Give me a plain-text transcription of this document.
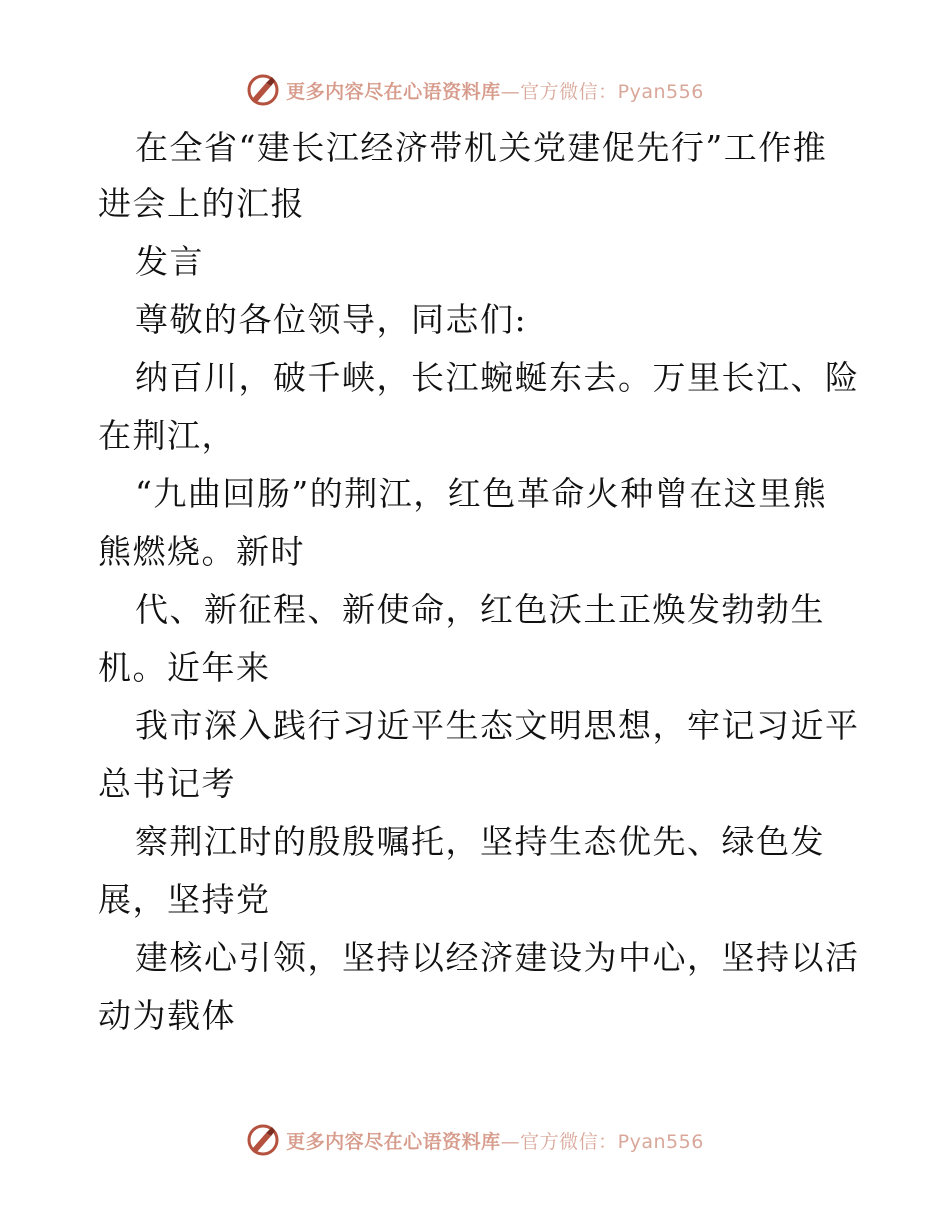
更多内容尽在心语资料库—官方微信：Pyan556
在全省“建长江经济带机关党建促先行”工作推
进会上的汇报
发言
尊敬的各位领导，同志们:
纳百川，破千峡，长江蜿蜒东去。万里长江、险
在荆江，
“九曲回肠”的荆江，红色革命火种曾在这里熊
熊燃烧。新时
代、新征程、新使命，红色沃土正焕发勃勃生
机。近年来
我市深入践行习近平生态文明思想，牢记习近平
总书记考
察荆江时的殷殷嘱托，坚持生态优先、绿色发
展，坚持党
建核心引领，坚持以经济建设为中心，坚持以活
动为载体
更多内容尽在心语资料库—官方微信：Pyan556
